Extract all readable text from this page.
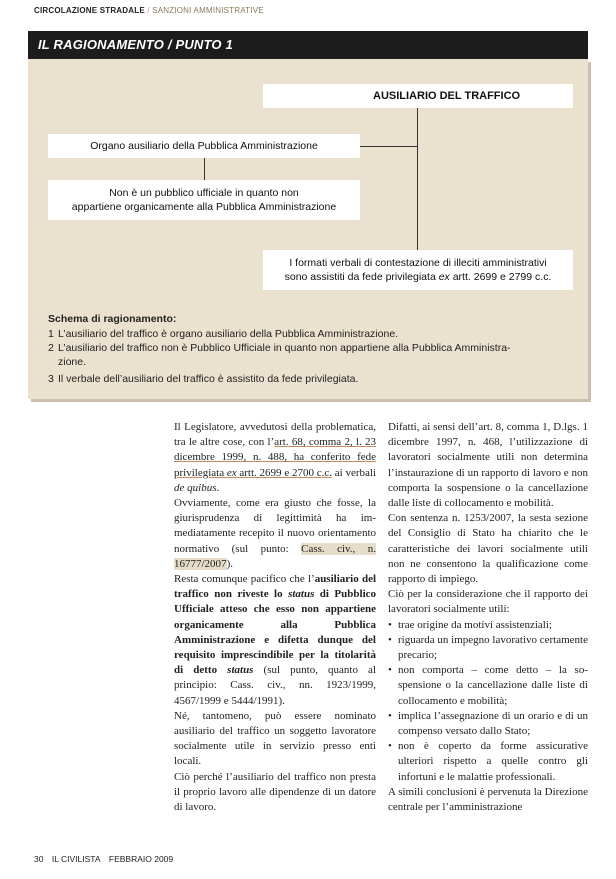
CIRCOLAZIONE STRADALE / SANZIONI AMMINISTRATIVE
IL RAGIONAMENTO / PUNTO 1
AUSILIARIO DEL TRAFFICO
Organo ausiliario della Pubblica Amministrazione
Non è un pubblico ufficiale in quanto non
appartiene organicamente alla Pubblica Amministrazione
I formati verbali di contestazione di illeciti amministrativi
sono assistiti da fede privilegiata ex artt. 2699 e 2799 c.c.
Schema di ragionamento:
1 L’ausiliario del traffico è organo ausiliario della Pubblica Amministrazione.
2 L’ausiliario del traffico non è Pubblico Ufficiale in quanto non appartiene alla Pubblica Amministra-
zione.
3 Il verbale dell’ausiliario del traffico è assistito da fede privilegiata.

Il Legislatore, avvedutosi della problematica, tra le altre cose, con l’art. 68, comma 2, l. 23 dicembre 1999, n. 488, ha conferito fede privilegiata ex artt. 2699 e 2700 c.c. ai verbali de quibus.

Ovviamente, come era giusto che fosse, la giurisprudenza di legittimità ha immediatamente recepito il nuovo orientamento normativo (sul punto: Cass. civ., n. 16777/2007).

Resta comunque pacifico che l’ausiliario del traffico non riveste lo status di Pubblico Ufficiale atteso che esso non appartiene organicamente alla Pubblica Amministrazione e difetta dunque del requisito imprescindibile per la titolarità di detto status (sul punto, quanto al principio: Cass. civ., nn. 1923/1999, 4567/1999 e 5444/1991).

Né, tantomeno, può essere nominato ausiliario del traffico un soggetto lavoratore socialmente utile in servizio presso enti locali.

Ciò perché l’ausiliario del traffico non presta il proprio lavoro alle dipendenze di un datore di lavoro.

Difatti, ai sensi dell’art. 8, comma 1, D.lgs. 1 dicembre 1997, n. 468, l’utilizzazione di lavoratori socialmente utili non determina l’instaurazione di un rapporto di lavoro e non comporta la sospensione o la cancellazione dalle liste di collocamento e mobilità.

Con sentenza n. 1253/2007, la sesta sezione del Consiglio di Stato ha chiarito che le caratteristiche dei lavori socialmente utili non ne consentono la qualificazione come rapporto di impiego.

Ciò per la considerazione che il rapporto dei lavoratori socialmente utili:

• trae origine da motivi assistenziali;

• riguarda un impegno lavorativo certamente precario;

• non comporta – come detto – la sospensione o la cancellazione dalle liste di collocamento e mobilità;

• implica l’assegnazione di un orario e di un compenso versato dallo Stato;

• non è coperto da forme assicurative ulteriori rispetto a quelle contro gli infortuni e le malattie professionali.

A simili conclusioni è pervenuta la Direzione centrale per l’amministrazione

30 IL CIVILISTA FEBBRAIO 2009
